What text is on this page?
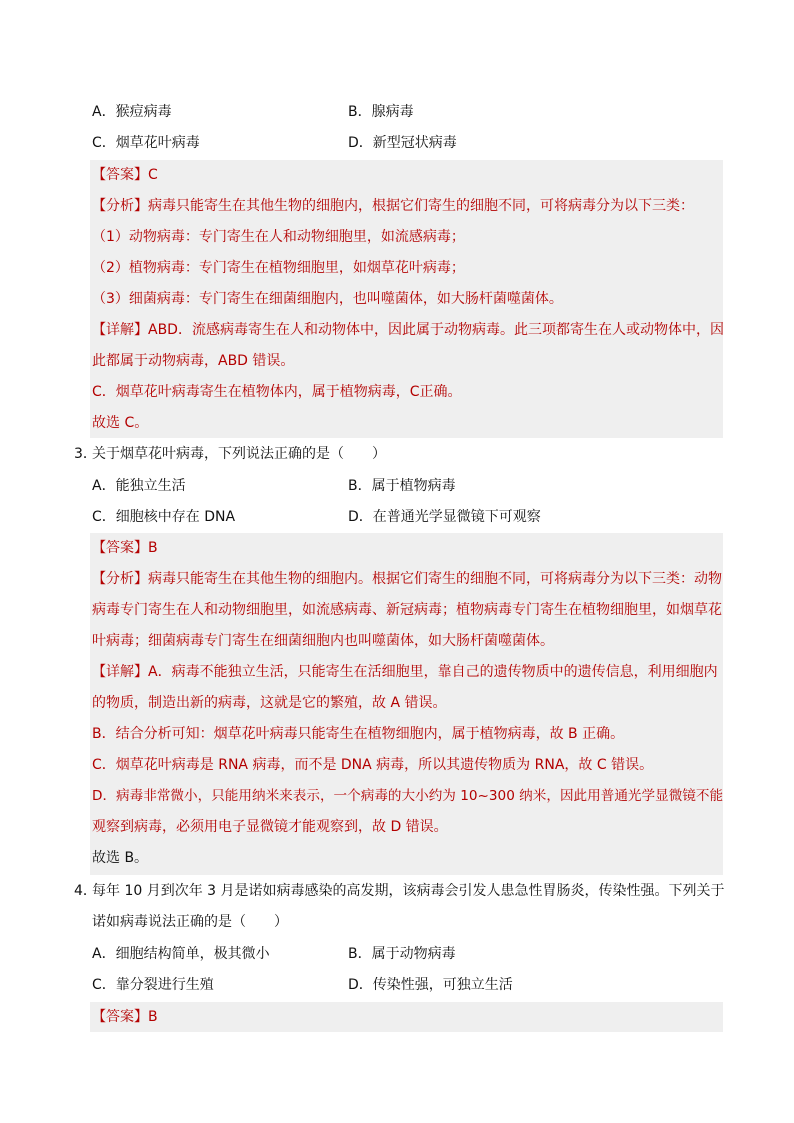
A．猴痘病毒	B．腺病毒
C．烟草花叶病毒	D．新型冠状病毒
【答案】C
【分析】病毒只能寄生在其他生物的细胞内，根据它们寄生的细胞不同，可将病毒分为以下三类：
（1）动物病毒：专门寄生在人和动物细胞里，如流感病毒；
（2）植物病毒：专门寄生在植物细胞里，如烟草花叶病毒；
（3）细菌病毒：专门寄生在细菌细胞内，也叫噬菌体，如大肠杆菌噬菌体。
【详解】ABD．流感病毒寄生在人和动物体中，因此属于动物病毒。此三项都寄生在人或动物体中，因
此都属于动物病毒，ABD 错误。
C．烟草花叶病毒寄生在植物体内，属于植物病毒，C正确。
故选 C。
3．关于烟草花叶病毒，下列说法正确的是（　　）
A．能独立生活	B．属于植物病毒
C．细胞核中存在 DNA	D．在普通光学显微镜下可观察
【答案】B
【分析】病毒只能寄生在其他生物的细胞内。根据它们寄生的细胞不同，可将病毒分为以下三类：动物
病毒专门寄生在人和动物细胞里，如流感病毒、新冠病毒；植物病毒专门寄生在植物细胞里，如烟草花
叶病毒；细菌病毒专门寄生在细菌细胞内也叫噬菌体，如大肠杆菌噬菌体。
【详解】A．病毒不能独立生活，只能寄生在活细胞里，靠自己的遗传物质中的遗传信息，利用细胞内
的物质，制造出新的病毒，这就是它的繁殖，故 A 错误。
B．结合分析可知：烟草花叶病毒只能寄生在植物细胞内，属于植物病毒，故 B 正确。
C．烟草花叶病毒是 RNA 病毒，而不是 DNA 病毒，所以其遗传物质为 RNA，故 C 错误。
D．病毒非常微小，只能用纳米来表示，一个病毒的大小约为 10~300 纳米，因此用普通光学显微镜不能
观察到病毒，必须用电子显微镜才能观察到，故 D 错误。
故选 B。
4．每年 10 月到次年 3 月是诺如病毒感染的高发期，该病毒会引发人患急性胃肠炎，传染性强。下列关于
诺如病毒说法正确的是（　　）
A．细胞结构简单，极其微小	B．属于动物病毒
C．靠分裂进行生殖	D．传染性强，可独立生活
【答案】B
